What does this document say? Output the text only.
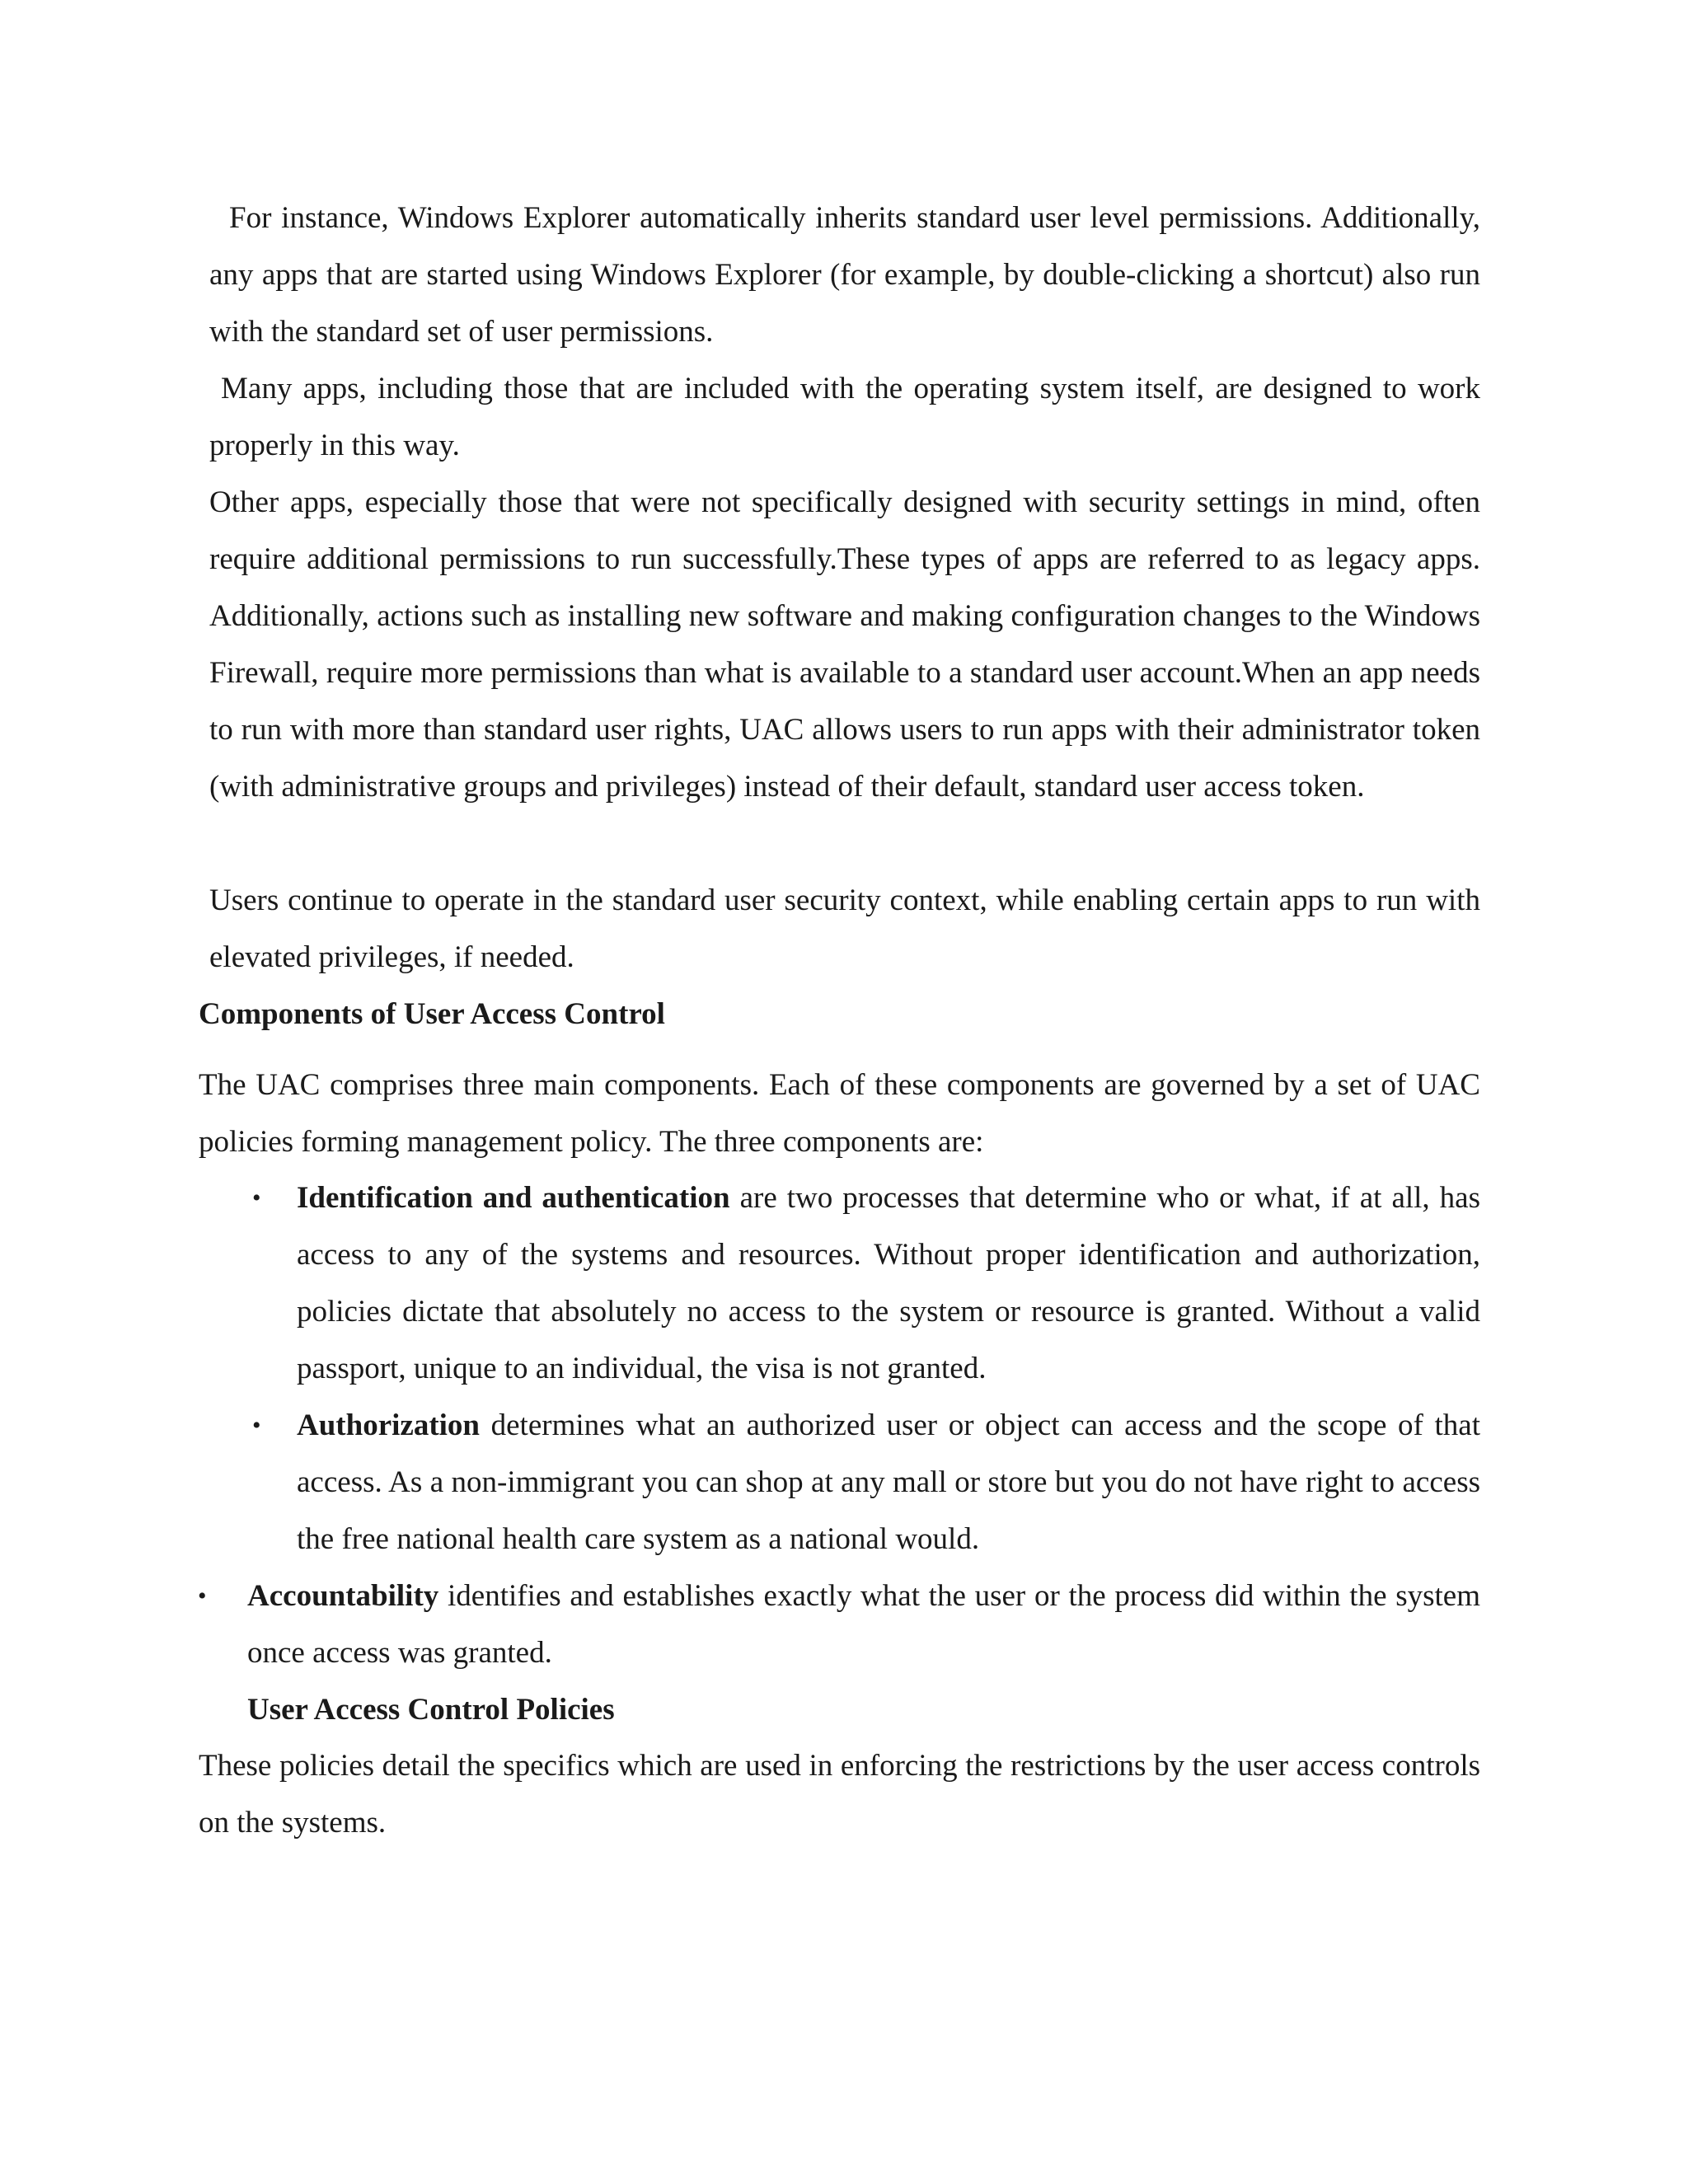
For instance, Windows Explorer automatically inherits standard user level permissions. Additionally, any apps that are started using Windows Explorer (for example, by double-clicking a shortcut) also run with the standard set of user permissions.

Many apps, including those that are included with the operating system itself, are designed to work properly in this way.

Other apps, especially those that were not specifically designed with security settings in mind, often require additional permissions to run successfully.These types of apps are referred to as legacy apps. Additionally, actions such as installing new software and making configuration changes to the Windows Firewall, require more permissions than what is available to a standard user account.When an app needs to run with more than standard user rights, UAC allows users to run apps with their administrator token (with administrative groups and privileges) instead of their default, standard user access token.

Users continue to operate in the standard user security context, while enabling certain apps to run with elevated privileges, if needed.

Components of User Access Control

The UAC comprises three main components. Each of these components are governed by a set of UAC policies forming management policy. The three components are:

• Identification and authentication are two processes that determine who or what, if at all, has access to any of the systems and resources. Without proper identification and authorization, policies dictate that absolutely no access to the system or resource is granted. Without a valid passport, unique to an individual, the visa is not granted.

• Authorization determines what an authorized user or object can access and the scope of that access. As a non-immigrant you can shop at any mall or store but you do not have right to access the free national health care system as a national would.

• Accountability identifies and establishes exactly what the user or the process did within the system once access was granted.

User Access Control Policies

These policies detail the specifics which are used in enforcing the restrictions by the user access controls on the systems.
